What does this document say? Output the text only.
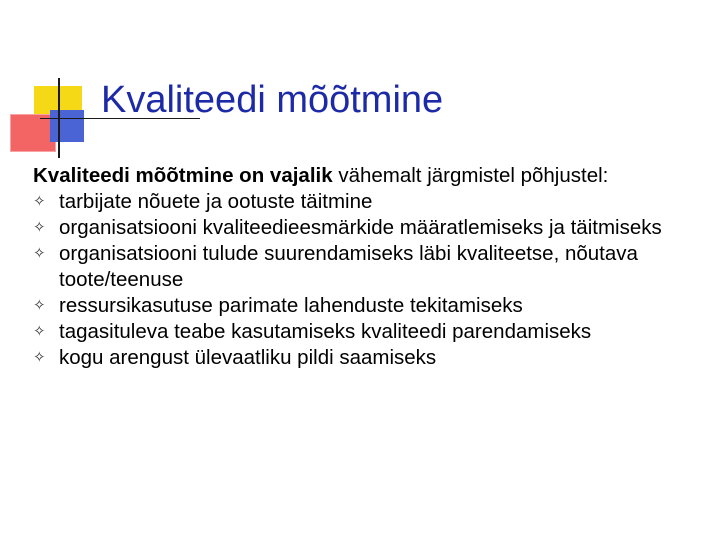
Kvaliteedi mõõtmine

Kvaliteedi mõõtmine on vajalik vähemalt järgmistel põhjustel:

✧ tarbijate nõuete ja ootuste täitmine
✧ organisatsiooni kvaliteedieesmärkide määratlemiseks ja täitmiseks
✧ organisatsiooni tulude suurendamiseks läbi kvaliteetse, nõutava toote/teenuse
✧ ressursikasutuse parimate lahenduste tekitamiseks
✧ tagasituleva teabe kasutamiseks kvaliteedi parendamiseks
✧ kogu arengust ülevaatliku pildi saamiseks
